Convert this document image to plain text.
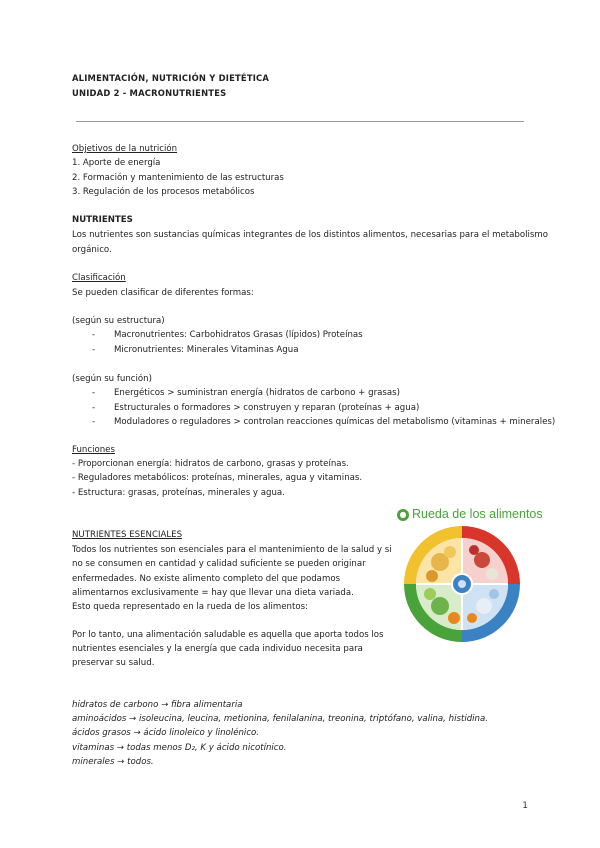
ALIMENTACIÓN, NUTRICIÓN Y DIETÉTICA
UNIDAD 2 - MACRONUTRIENTES
Objetivos de la nutrición
1. Aporte de energía
2. Formación y mantenimiento de las estructuras
3. Regulación de los procesos metabólicos
NUTRIENTES
Los nutrientes son sustancias químicas integrantes de los distintos alimentos, necesarias para el metabolismo
orgánico.
Clasificación
Se pueden clasificar de diferentes formas:
(según su estructura)
- Macronutrientes: Carbohidratos Grasas (lípidos) Proteínas
- Micronutrientes: Minerales Vitaminas Agua
(según su función)
- Energéticos > suministran energía (hidratos de carbono + grasas)
- Estructurales o formadores > construyen y reparan (proteínas + agua)
- Moduladores o reguladores > controlan reacciones químicas del metabolismo (vitaminas + minerales)
Funciones
- Proporcionan energía: hidratos de carbono, grasas y proteínas.
- Reguladores metabólicos: proteínas, minerales, agua y vitaminas.
- Estructura: grasas, proteínas, minerales y agua.
NUTRIENTES ESENCIALES
Todos los nutrientes son esenciales para el mantenimiento de la salud y si
no se consumen en cantidad y calidad suficiente se pueden originar
enfermedades. No existe alimento completo del que podamos
alimentarnos exclusivamente = hay que llevar una dieta variada.
Esto queda representado en la rueda de los alimentos:
Por lo tanto, una alimentación saludable es aquella que aporta todos los
nutrientes esenciales y la energía que cada individuo necesita para
preservar su salud.
hidratos de carbono → fibra alimentaria
aminoácidos → isoleucina, leucina, metionina, fenilalanina, treonina, triptófano, valina, histidina.
ácidos grasos → ácido linoleico y linolénico.
vitaminas → todas menos D₂, K y ácido nicotínico.
minerales → todos.
● Rueda de los alimentos
1
